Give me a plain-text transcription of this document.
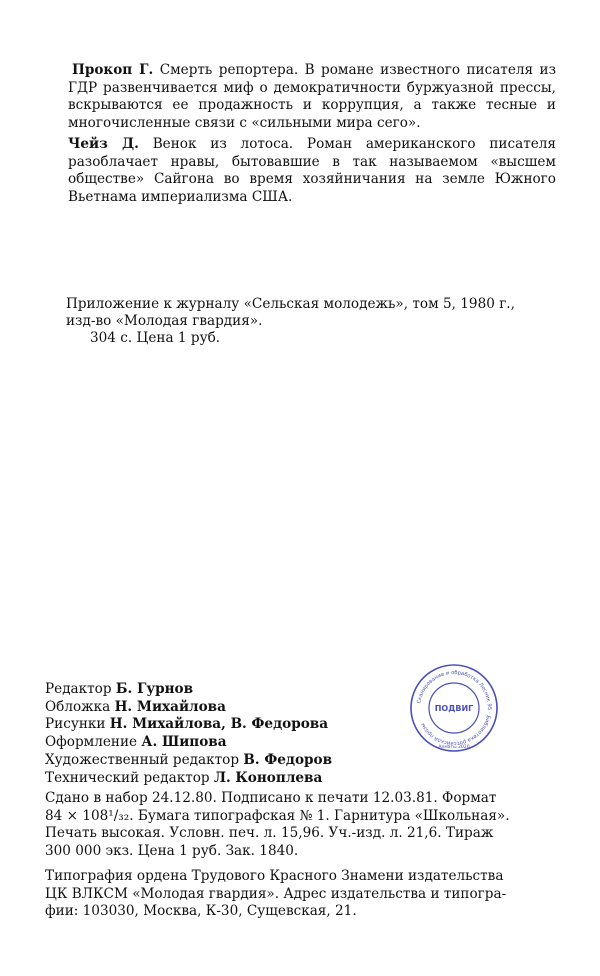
Прокоп Г. Смерть репортера. В романе известного писателя из ГДР развенчивается миф о демократичности буржуазной прессы, вскрываются ее продажность и коррупция, а также тесные и многочисленные связи с «сильными мира сего».

Чейз Д. Венок из лотоса. Роман американского писателя разоблачает нравы, бытовавшие в так называемом «высшем обществе» Сайгона во время хозяйничания на земле Южного Вьетнама империализма США.

Приложение к журналу «Сельская молодежь», том 5, 1980 г.,
изд-во «Молодая гвардия».
304 с. Цена 1 руб.
Редактор Б. Гурнов
Обложка Н. Михайлова
Рисунки Н. Михайлова, В. Федорова
Оформление А. Шипова
Художественный редактор В. Федоров
Технический редактор Л. Коноплева
Сдано в набор 24.12.80. Подписано к печати 12.03.81. Формат
84 × 108¹/₃₂. Бумага типографская № 1. Гарнитура «Школьная».
Печать высокая. Условн. печ. л. 15,96. Уч.-изд. л. 21,6. Тираж
300 000 экз. Цена 1 руб. Зак. 1840.
Типография ордена Трудового Красного Знамени издательства
ЦК ВЛКСМ «Молодая гвардия». Адрес издательства и типогра-
фии: 103030, Москва, К-30, Сущевская, 21.
Сканирование и обработка Лесник 95 · Библиотека российской прозы
ПОДВИГ
Алматы 2020
